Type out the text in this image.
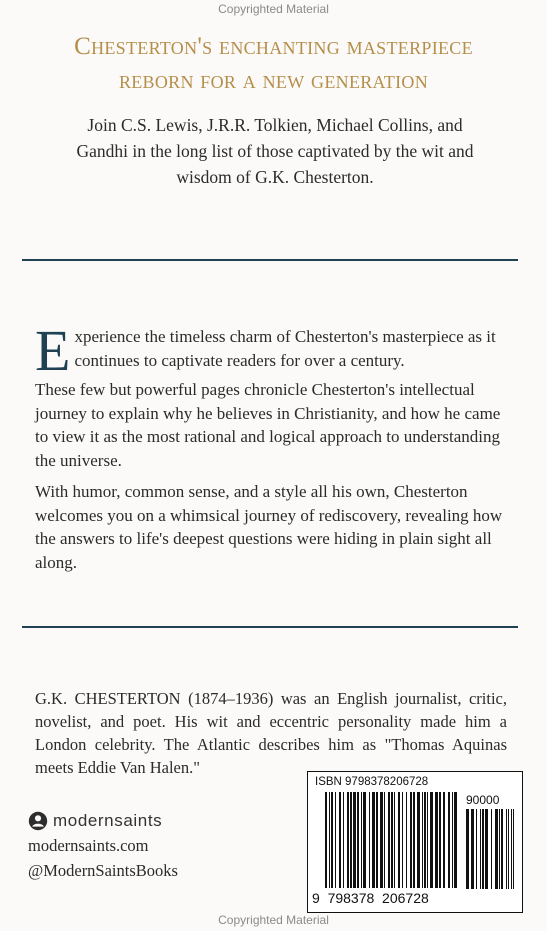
Copyrighted Material
Chesterton's enchanting masterpiece
reborn for a new generation
Join C.S. Lewis, J.R.R. Tolkien, Michael Collins, and Gandhi in the long list of those captivated by the wit and wisdom of G.K. Chesterton.

Experience the timeless charm of Chesterton's masterpiece as it continues to captivate readers for over a century.

These few but powerful pages chronicle Chesterton's intellectual journey to explain why he believes in Christianity, and how he came to view it as the most rational and logical approach to understanding the universe.

With humor, common sense, and a style all his own, Chesterton welcomes you on a whimsical journey of rediscovery, revealing how the answers to life's deepest questions were hiding in plain sight all along.

G.K. CHESTERTON (1874–1936) was an English journalist, critic, novelist, and poet. His wit and eccentric personality made him a London celebrity. The Atlantic describes him as "Thomas Aquinas meets Eddie Van Halen."

modernsaints
modernsaints.com
@ModernSaintsBooks
ISBN 9798378206728
90000
9  798378  206728
Copyrighted Material
